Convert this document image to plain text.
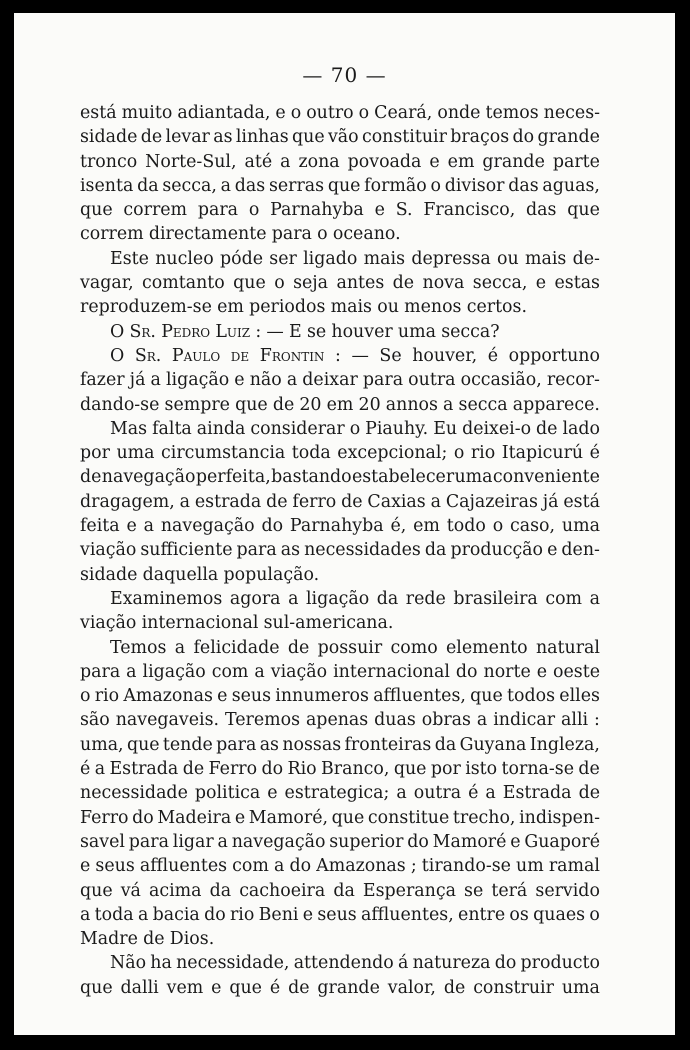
— 70 —
está muito adiantada, e o outro o Ceará, onde temos neces-
sidade de levar as linhas que vão constituir braços do grande
tronco Norte-Sul, até a zona povoada e em grande parte
isenta da secca, a das serras que formão o divisor das aguas,
que correm para o Parnahyba e S. Francisco, das que
correm directamente para o oceano.
Este nucleo póde ser ligado mais depressa ou mais de-
vagar, comtanto que o seja antes de nova secca, e estas
reproduzem-se em periodos mais ou menos certos.
O Sr. Pedro Luiz : — E se houver uma secca?
O Sr. Paulo de Frontin : — Se houver, é opportuno
fazer já a ligação e não a deixar para outra occasião, recor-
dando-se sempre que de 20 em 20 annos a secca apparece.
Mas falta ainda considerar o Piauhy. Eu deixei-o de lado
por uma circumstancia toda excepcional; o rio Itapicurú é
de navegação perfeita, bastando estabelecer uma conveniente
dragagem, a estrada de ferro de Caxias a Cajazeiras já está
feita e a navegação do Parnahyba é, em todo o caso, uma
viação sufficiente para as necessidades da producção e den-
sidade daquella população.
Examinemos agora a ligação da rede brasileira com a
viação internacional sul-americana.
Temos a felicidade de possuir como elemento natural
para a ligação com a viação internacional do norte e oeste
o rio Amazonas e seus innumeros affluentes, que todos elles
são navegaveis. Teremos apenas duas obras a indicar alli :
uma, que tende para as nossas fronteiras da Guyana Ingleza,
é a Estrada de Ferro do Rio Branco, que por isto torna-se de
necessidade politica e estrategica; a outra é a Estrada de
Ferro do Madeira e Mamoré, que constitue trecho, indispen-
savel para ligar a navegação superior do Mamoré e Guaporé
e seus affluentes com a do Amazonas ; tirando-se um ramal
que vá acima da cachoeira da Esperança se terá servido
a toda a bacia do rio Beni e seus affluentes, entre os quaes o
Madre de Dios.
Não ha necessidade, attendendo á natureza do producto
que dalli vem e que é de grande valor, de construir uma
